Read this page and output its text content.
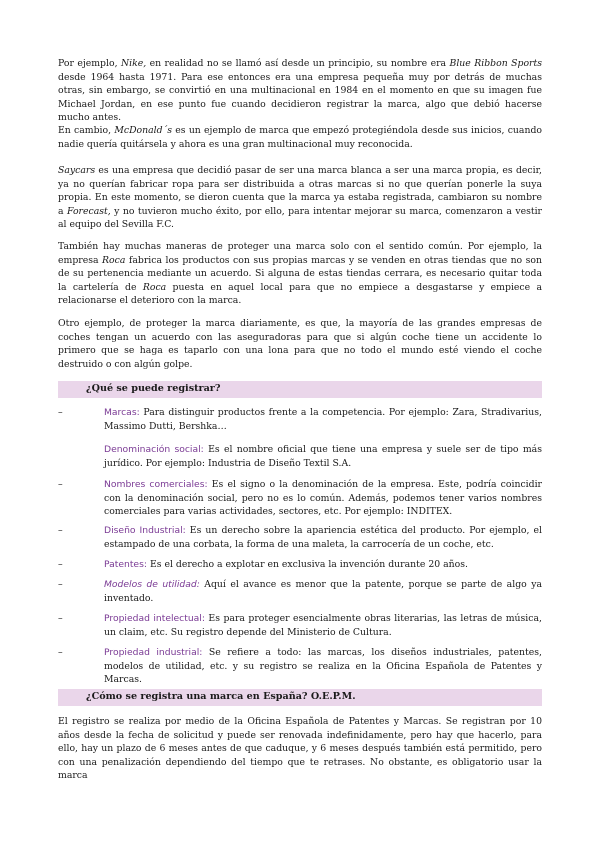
Por ejemplo, Nike, en realidad no se llamó así desde un principio, su nombre era Blue Ribbon Sports desde 1964 hasta 1971. Para ese entonces era una empresa pequeña muy por detrás de muchas otras, sin embargo, se convirtió en una multinacional en 1984 en el momento en que su imagen fue Michael Jordan, en ese punto fue cuando decidieron registrar la marca, algo que debió hacerse mucho antes.

En cambio, McDonald´s es un ejemplo de marca que empezó protegiéndola desde sus inicios, cuando nadie quería quitársela y ahora es una gran multinacional muy reconocida.

Saycars es una empresa que decidió pasar de ser una marca blanca a ser una marca propia, es decir, ya no querían fabricar ropa para ser distribuida a otras marcas si no que querían ponerle la suya propia. En este momento, se dieron cuenta que la marca ya estaba registrada, cambiaron su nombre a Forecast, y no tuvieron mucho éxito, por ello, para intentar mejorar su marca, comenzaron a vestir al equipo del Sevilla F.C.

También hay muchas maneras de proteger una marca solo con el sentido común. Por ejemplo, la empresa Roca fabrica los productos con sus propias marcas y se venden en otras tiendas que no son de su pertenencia mediante un acuerdo. Si alguna de estas tiendas cerrara, es necesario quitar toda la cartelería de Roca puesta en aquel local para que no empiece a desgastarse y empiece a relacionarse el deterioro con la marca.

Otro ejemplo, de proteger la marca diariamente, es que, la mayoría de las grandes empresas de coches tengan un acuerdo con las aseguradoras para que si algún coche tiene un accidente lo primero que se haga es taparlo con una lona para que no todo el mundo esté viendo el coche destruido o con algún golpe.

¿Qué se puede registrar?
–	Marcas: Para distinguir productos frente a la competencia. Por ejemplo: Zara, Stradivarius, Massimo Dutti, Bershka…

Denominación social: Es el nombre oficial que tiene una empresa y suele ser de tipo más jurídico. Por ejemplo: Industria de Diseño Textil S.A.

–	Nombres comerciales: Es el signo o la denominación de la empresa. Este, podría coincidir con la denominación social, pero no es lo común. Además, podemos tener varios nombres comerciales para varias actividades, sectores, etc. Por ejemplo: INDITEX.

–	Diseño Industrial: Es un derecho sobre la apariencia estética del producto. Por ejemplo, el estampado de una corbata, la forma de una maleta, la carrocería de un coche, etc.

–	Patentes: Es el derecho a explotar en exclusiva la invención durante 20 años.

–	Modelos de utilidad: Aquí el avance es menor que la patente, porque se parte de algo ya inventado.

–	Propiedad intelectual: Es para proteger esencialmente obras literarias, las letras de música, un claim, etc. Su registro depende del Ministerio de Cultura.

–	Propiedad industrial: Se refiere a todo: las marcas, los diseños industriales, patentes, modelos de utilidad, etc. y su registro se realiza en la Oficina Española de Patentes y Marcas.

¿Cómo se registra una marca en España? O.E.P.M.

El registro se realiza por medio de la Oficina Española de Patentes y Marcas. Se registran por 10 años desde la fecha de solicitud y puede ser renovada indefinidamente, pero hay que hacerlo, para ello, hay un plazo de 6 meses antes de que caduque, y 6 meses después también está permitido, pero con una penalización dependiendo del tiempo que te retrases. No obstante, es obligatorio usar la marca
